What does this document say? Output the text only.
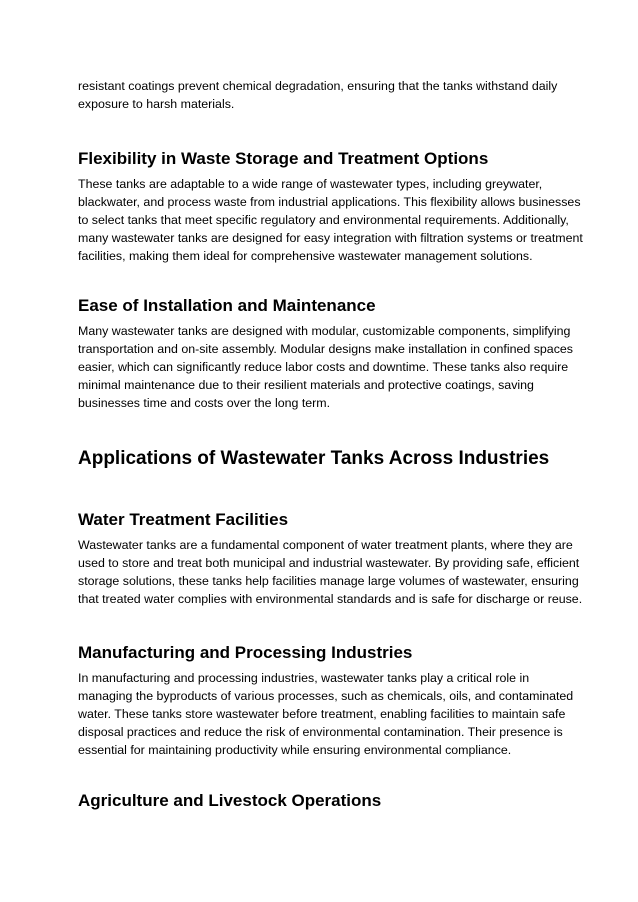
resistant coatings prevent chemical degradation, ensuring that the tanks withstand daily
exposure to harsh materials.

Flexibility in Waste Storage and Treatment Options

These tanks are adaptable to a wide range of wastewater types, including greywater,
blackwater, and process waste from industrial applications. This flexibility allows businesses
to select tanks that meet specific regulatory and environmental requirements. Additionally,
many wastewater tanks are designed for easy integration with filtration systems or treatment
facilities, making them ideal for comprehensive wastewater management solutions.

Ease of Installation and Maintenance

Many wastewater tanks are designed with modular, customizable components, simplifying
transportation and on-site assembly. Modular designs make installation in confined spaces
easier, which can significantly reduce labor costs and downtime. These tanks also require
minimal maintenance due to their resilient materials and protective coatings, saving
businesses time and costs over the long term.

Applications of Wastewater Tanks Across Industries
Water Treatment Facilities

Wastewater tanks are a fundamental component of water treatment plants, where they are
used to store and treat both municipal and industrial wastewater. By providing safe, efficient
storage solutions, these tanks help facilities manage large volumes of wastewater, ensuring
that treated water complies with environmental standards and is safe for discharge or reuse.

Manufacturing and Processing Industries

In manufacturing and processing industries, wastewater tanks play a critical role in
managing the byproducts of various processes, such as chemicals, oils, and contaminated
water. These tanks store wastewater before treatment, enabling facilities to maintain safe
disposal practices and reduce the risk of environmental contamination. Their presence is
essential for maintaining productivity while ensuring environmental compliance.

Agriculture and Livestock Operations
